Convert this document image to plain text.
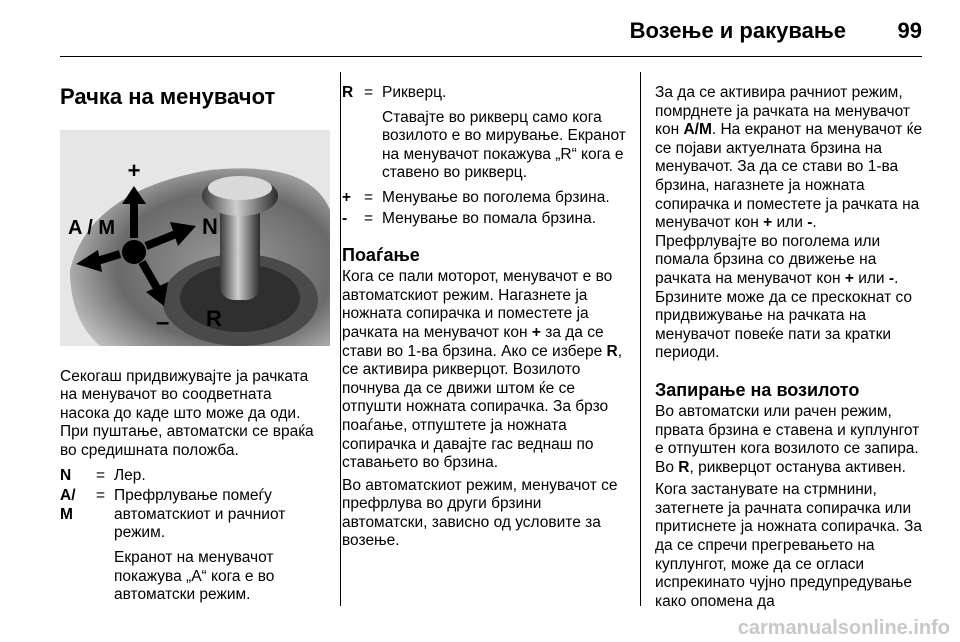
Возење и ракување 99
Рачка на менувачот
+
A / M	N
– R

Секогаш придвижувајте ја рачката
на менувачот во соодветната
насока до каде што може да оди.
При пуштање, автоматски се враќа
во средишната положба.

N	= Лер.
A/
M
= Префрлување помеѓу автоматскиот и рачниот режим.

Екранот на менувачот покажува „A“ кога е во автоматски режим.

R = Рикверц.

Ставајте во рикверц само кога возилото е во мирување. Екранот на менувачот покажува „R“ кога е ставено во рикверц.

+ = Менување во поголема брзина.
-	= Менување во помала брзина.
Поаѓање

Кога се пали моторот, менувачот е во автоматскиот режим. Нагазнете ја ножната сопирачка и поместете ја рачката на менувачот кон + за да се стави во 1-ва брзина. Ако се избере R, се активира рикверцот. Возилото почнува да се движи штом ќе се отпушти ножната сопирачка. За брзо поаѓање, отпуштете ја ножната сопирачка и давајте гас веднаш по ставањето во брзина.

Во автоматскиот режим, менувачот се префрлува во други брзини автоматски, зависно од условите за возење.

За да се активира рачниот режим, помрднете ја рачката на менувачот кон A/M. На екранот на менувачот ќе се појави актуелната брзина на менувачот. За да се стави во 1-ва брзина, нагазнете ја ножната сопирачка и поместете ја рачката на менувачот кон + или -.
Префрлувајте во поголема или помала брзина со движење на рачката на менувачот кон + или -. Брзините може да се прескокнат со придвижување на рачката на менувачот повеќе пати за кратки периоди.

Запирање на возилото

Во автоматски или рачен режим, првата брзина е ставена и куплунгот е отпуштен кога возилото се запира. Во R, рикверцот останува активен.

Кога застанувате на стрмнини, затегнете ја рачната сопирачка или притиснете ја ножната сопирачка. За да се спречи прегревањето на куплунгот, може да се огласи испрекинато чујно предупредување како опомена да

carmanualsonline.info
